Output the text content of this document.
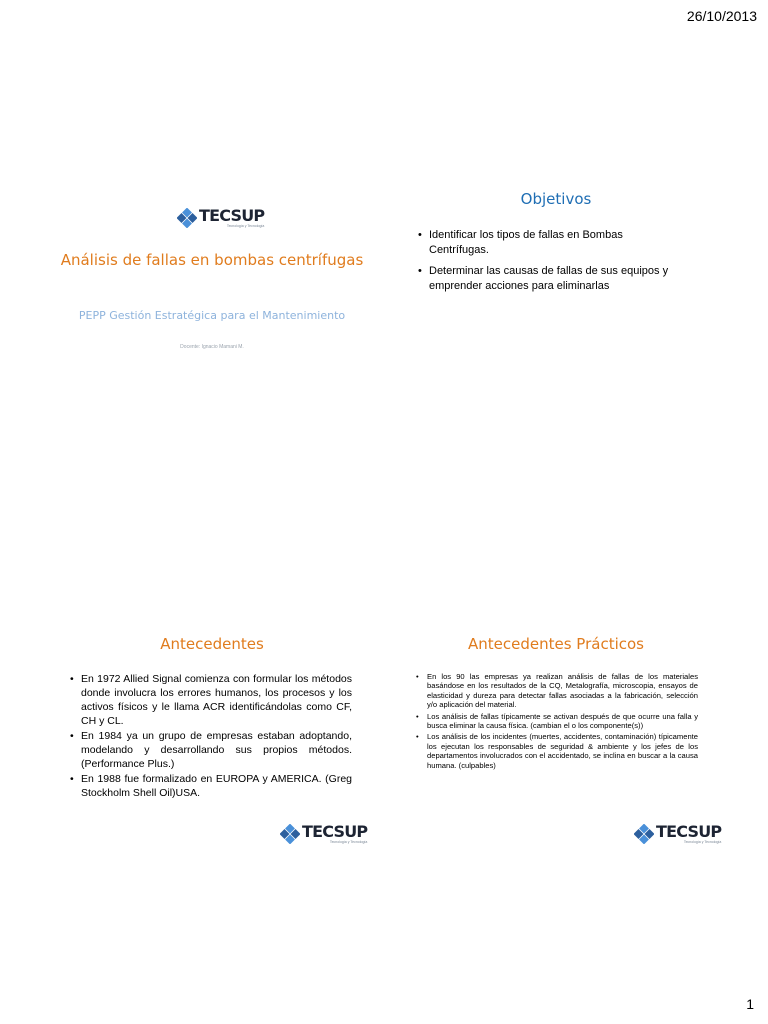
26/10/2013
TECSUP
Tecnología y Tecnología
Análisis de fallas en bombas centrífugas
PEPP Gestión Estratégica para el Mantenimiento
Docente: Ignacio Mamani M.
Objetivos
• Identificar los tipos de fallas en Bombas Centrífugas.
• Determinar las causas de fallas de sus equipos y emprender acciones para eliminarlas
Antecedentes
• En 1972 Allied Signal comienza con formular los métodos donde involucra los errores humanos, los procesos y los activos físicos y le llama ACR identificándolas como CF, CH y CL.
• En 1984 ya un grupo de empresas estaban adoptando, modelando y desarrollando sus propios métodos. (Performance Plus.)
• En 1988 fue formalizado en EUROPA y AMERICA. (Greg Stockholm Shell Oil)USA.
TECSUP
Tecnología y Tecnología
Antecedentes Prácticos
• En los 90 las empresas ya realizan análisis de fallas de los materiales basándose en los resultados de la CQ, Metalografía, microscopia, ensayos de elasticidad y dureza para detectar fallas asociadas a la fabricación, selección y/o aplicación del material.
• Los análisis de fallas típicamente se activan después de que ocurre una falla y busca eliminar la causa física. (cambian el o los componente(s))
• Los análisis de los incidentes (muertes, accidentes, contaminación) típicamente los ejecutan los responsables de seguridad & ambiente y los jefes de los departamentos involucrados con el accidentado, se inclina en buscar a la causa humana. (culpables)
TECSUP
Tecnología y Tecnología
1
